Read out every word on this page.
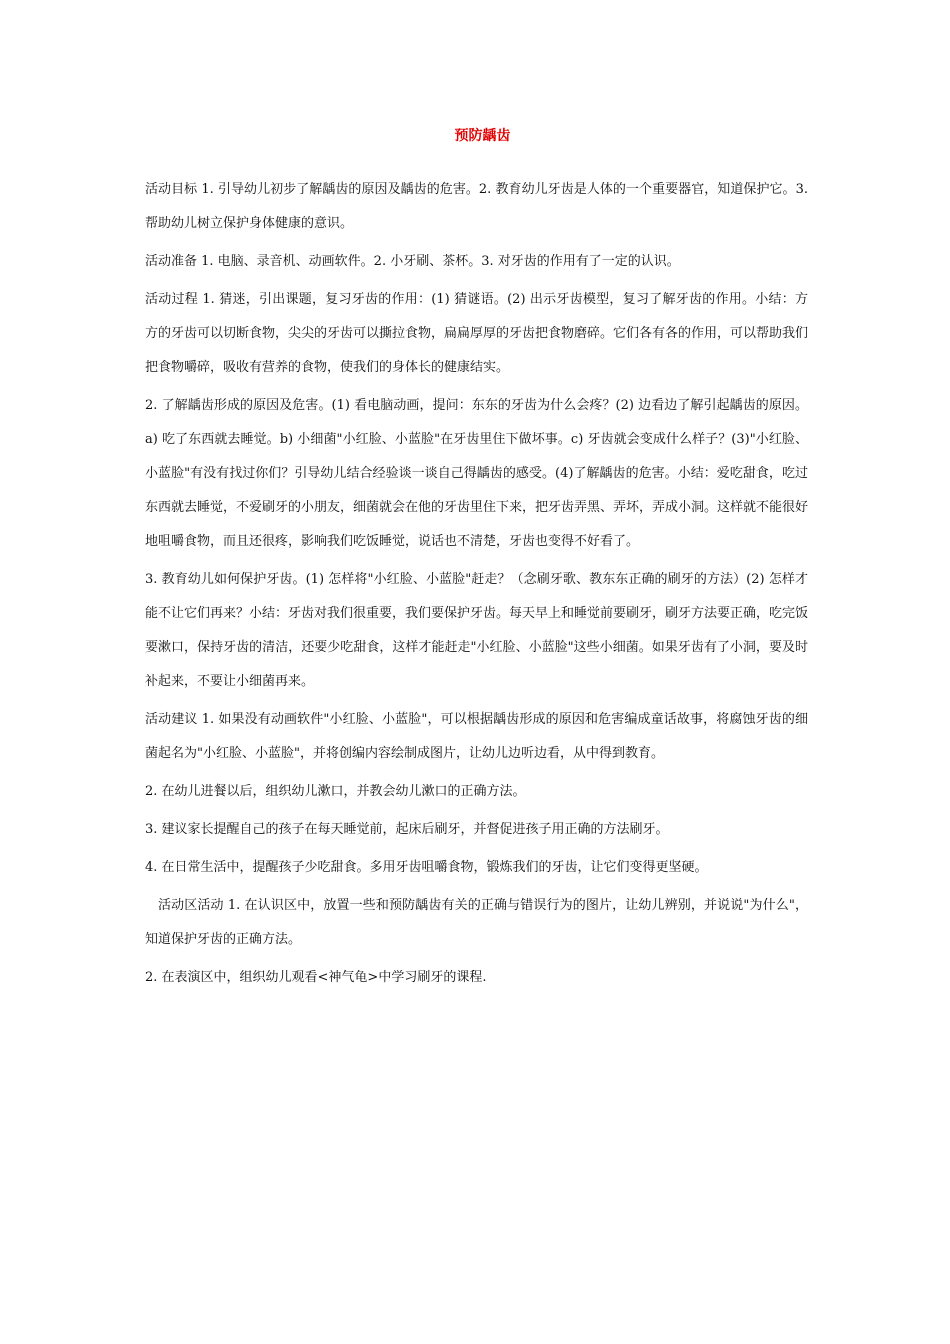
预防龋齿

活动目标 1. 引导幼儿初步了解龋齿的原因及龋齿的危害。2. 教育幼儿牙齿是人体的一个重要器官，知道保护它。3. 帮助幼儿树立保护身体健康的意识。

活动准备 1. 电脑、录音机、动画软件。2. 小牙刷、茶杯。3. 对牙齿的作用有了一定的认识。

活动过程 1. 猜迷，引出课题，复习牙齿的作用：(1) 猜谜语。(2) 出示牙齿模型，复习了解牙齿的作用。小结：方方的牙齿可以切断食物，尖尖的牙齿可以撕拉食物，扁扁厚厚的牙齿把食物磨碎。它们各有各的作用，可以帮助我们把食物嚼碎，吸收有营养的食物，使我们的身体长的健康结实。

2. 了解龋齿形成的原因及危害。(1) 看电脑动画，提问：东东的牙齿为什么会疼？(2) 边看边了解引起龋齿的原因。a) 吃了东西就去睡觉。b) 小细菌"小红脸、小蓝脸"在牙齿里住下做坏事。c) 牙齿就会变成什么样子？(3)"小红脸、小蓝脸"有没有找过你们？引导幼儿结合经验谈一谈自己得龋齿的感受。(4)了解龋齿的危害。小结：爱吃甜食，吃过东西就去睡觉，不爱刷牙的小朋友，细菌就会在他的牙齿里住下来，把牙齿弄黑、弄坏，弄成小洞。这样就不能很好地咀嚼食物，而且还很疼，影响我们吃饭睡觉，说话也不清楚，牙齿也变得不好看了。

3. 教育幼儿如何保护牙齿。(1) 怎样将"小红脸、小蓝脸"赶走？（念刷牙歌、教东东正确的刷牙的方法）(2) 怎样才能不让它们再来？小结：牙齿对我们很重要，我们要保护牙齿。每天早上和睡觉前要刷牙，刷牙方法要正确，吃完饭要漱口，保持牙齿的清洁，还要少吃甜食，这样才能赶走"小红脸、小蓝脸"这些小细菌。如果牙齿有了小洞，要及时补起来，不要让小细菌再来。

活动建议 1. 如果没有动画软件"小红脸、小蓝脸"，可以根据龋齿形成的原因和危害编成童话故事，将腐蚀牙齿的细菌起名为"小红脸、小蓝脸"，并将创编内容绘制成图片，让幼儿边听边看，从中得到教育。

2. 在幼儿进餐以后，组织幼儿漱口，并教会幼儿漱口的正确方法。

3. 建议家长提醒自己的孩子在每天睡觉前，起床后刷牙，并督促进孩子用正确的方法刷牙。

4. 在日常生活中，提醒孩子少吃甜食。多用牙齿咀嚼食物，锻炼我们的牙齿，让它们变得更坚硬。

活动区活动 1. 在认识区中，放置一些和预防龋齿有关的正确与错误行为的图片，让幼儿辨别，并说说"为什么"，知道保护牙齿的正确方法。

2. 在表演区中，组织幼儿观看<神气龟>中学习刷牙的课程.
